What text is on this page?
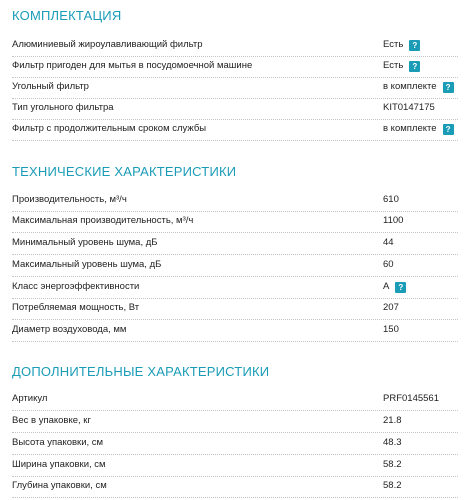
КОМПЛЕКТАЦИЯ
Алюминиевый жироулавливающий фильтр	Есть ?
Фильтр пригоден для мытья в посудомоечной машине	Есть ?
Угольный фильтр	в комплекте ?
Тип угольного фильтра	KIT0147175
Фильтр с продолжительным сроком службы	в комплекте ?
ТЕХНИЧЕСКИЕ ХАРАКТЕРИСТИКИ
Производительность, м³/ч	610
Максимальная производительность, м³/ч	1100
Минимальный уровень шума, дБ	44
Максимальный уровень шума, дБ	60
Класс энергоэффективности	A ?
Потребляемая мощность, Вт	207
Диаметр воздуховода, мм	150
ДОПОЛНИТЕЛЬНЫЕ ХАРАКТЕРИСТИКИ
Артикул	PRF0145561
Вес в упаковке, кг	21.8
Высота упаковки, см	48.3
Ширина упаковки, см	58.2
Глубина упаковки, см	58.2
